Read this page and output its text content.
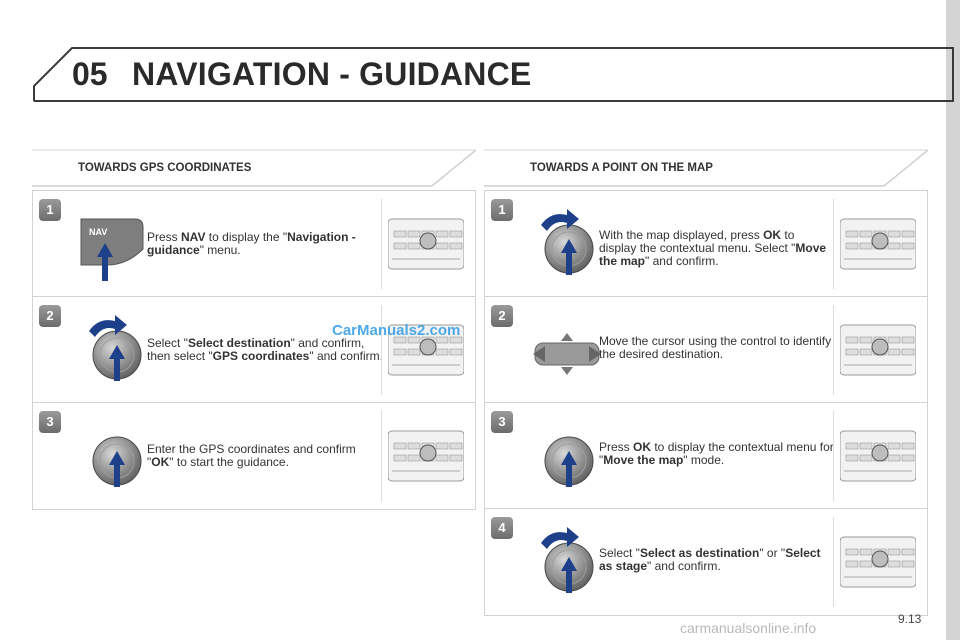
05 NAVIGATION - GUIDANCE
TOWARDS GPS COORDINATES
1
NAV	Press NAV to display the "Navigation - guidance" menu.
2
Select "Select destination" and confirm, then select "GPS coordinates" and confirm.
3
Enter the GPS coordinates and confirm "OK" to start the guidance.
TOWARDS A POINT ON THE MAP
1
With the map displayed, press OK to display the contextual menu. Select "Move the map" and confirm.
2
Move the cursor using the control to identify the desired destination.
3
Press OK to display the contextual menu for "Move the map" mode.
4
Select "Select as destination" or "Select as stage" and confirm.
CarManuals2.com
9.13
carmanualsonline.info
